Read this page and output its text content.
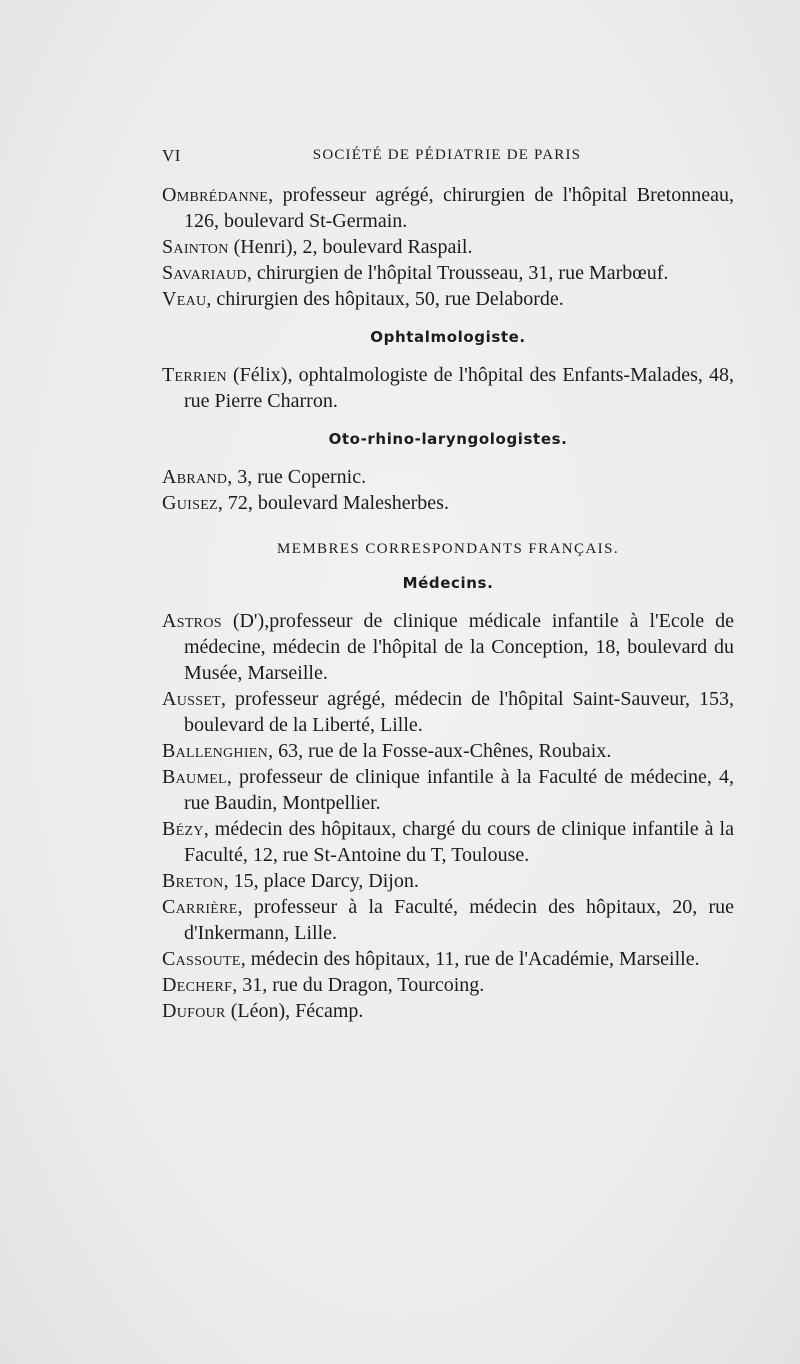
VI	SOCIÉTÉ DE PÉDIATRIE DE PARIS

Ombrédanne, professeur agrégé, chirurgien de l'hôpital Bretonneau, 126, boulevard St-Germain.

Sainton (Henri), 2, boulevard Raspail.

Savariaud, chirurgien de l'hôpital Trousseau, 31, rue Marbœuf.

Veau, chirurgien des hôpitaux, 50, rue Delaborde.

Ophtalmologiste.

Terrien (Félix), ophtalmologiste de l'hôpital des Enfants-Malades, 48, rue Pierre Charron.

Oto-rhino-laryngologistes.

Abrand, 3, rue Copernic.

Guisez, 72, boulevard Malesherbes.

MEMBRES CORRESPONDANTS FRANÇAIS.
Médecins.

Astros (D'),professeur de clinique médicale infantile à l'Ecole de médecine, médecin de l'hôpital de la Conception, 18, boulevard du Musée, Marseille.

Ausset, professeur agrégé, médecin de l'hôpital Saint-Sauveur, 153, boulevard de la Liberté, Lille.

Ballenghien, 63, rue de la Fosse-aux-Chênes, Roubaix.

Baumel, professeur de clinique infantile à la Faculté de médecine, 4, rue Baudin, Montpellier.

Bézy, médecin des hôpitaux, chargé du cours de clinique infantile à la Faculté, 12, rue St-Antoine du T, Toulouse.

Breton, 15, place Darcy, Dijon.

Carrière, professeur à la Faculté, médecin des hôpitaux, 20, rue d'Inkermann, Lille.

Cassoute, médecin des hôpitaux, 11, rue de l'Académie, Marseille.

Decherf, 31, rue du Dragon, Tourcoing.

Dufour (Léon), Fécamp.
